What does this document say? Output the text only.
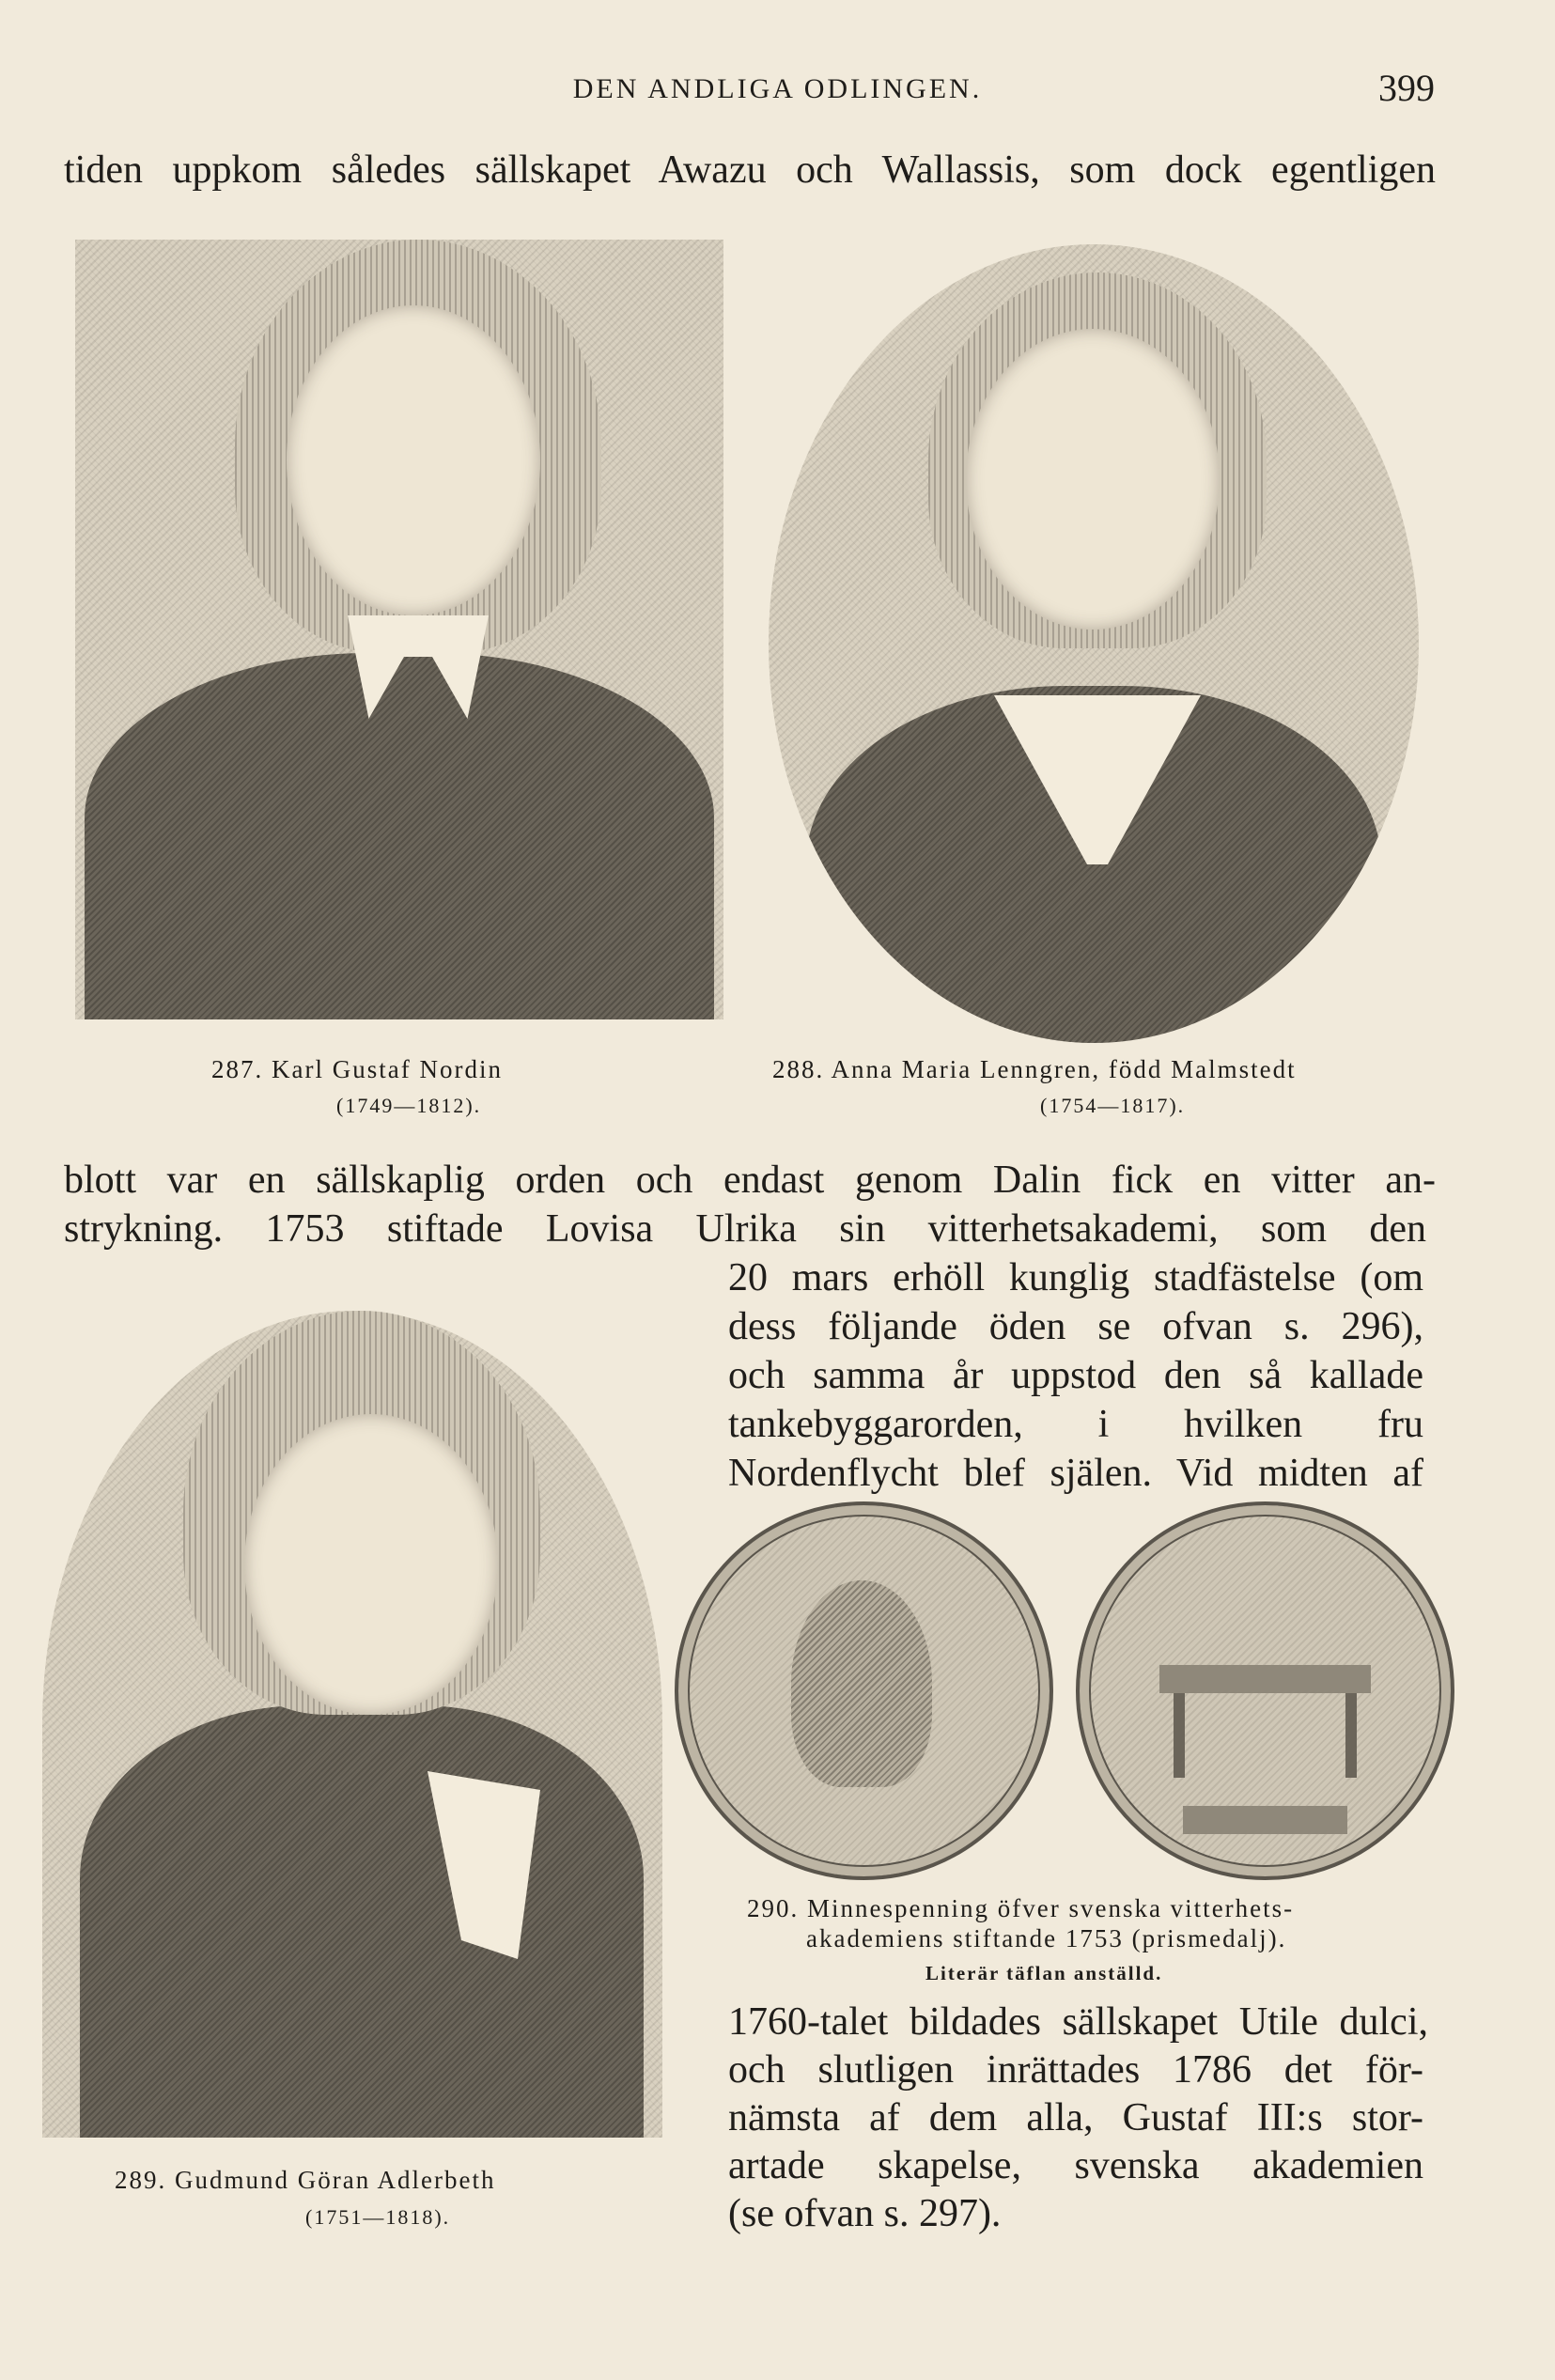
DEN ANDLIGA ODLINGEN.	399
tiden uppkom således sällskapet Awazu och Wallassis, som dock egentligen
287. Karl Gustaf Nordin
(1749—1812).
288. Anna Maria Lenngren, född Malmstedt
(1754—1817).
blott var en sällskaplig orden och endast genom Dalin fick en vitter an-
strykning. 1753 stiftade Lovisa Ulrika sin vitterhetsakademi, som den
20 mars erhöll kunglig stadfästelse (om
dess följande öden se ofvan s. 296),
och samma år uppstod den så kallade
tankebyggarorden, i hvilken fru
Nordenflycht blef själen. Vid midten af
289. Gudmund Göran Adlerbeth
(1751—1818).
290. Minnespenning öfver svenska vitterhets-
akademiens stiftande 1753 (prismedalj).
Literär täflan anställd.
1760-talet bildades sällskapet Utile dulci,
och slutligen inrättades 1786 det för-
nämsta af dem alla, Gustaf III:s stor-
artade skapelse, svenska akademien
(se ofvan s. 297).
